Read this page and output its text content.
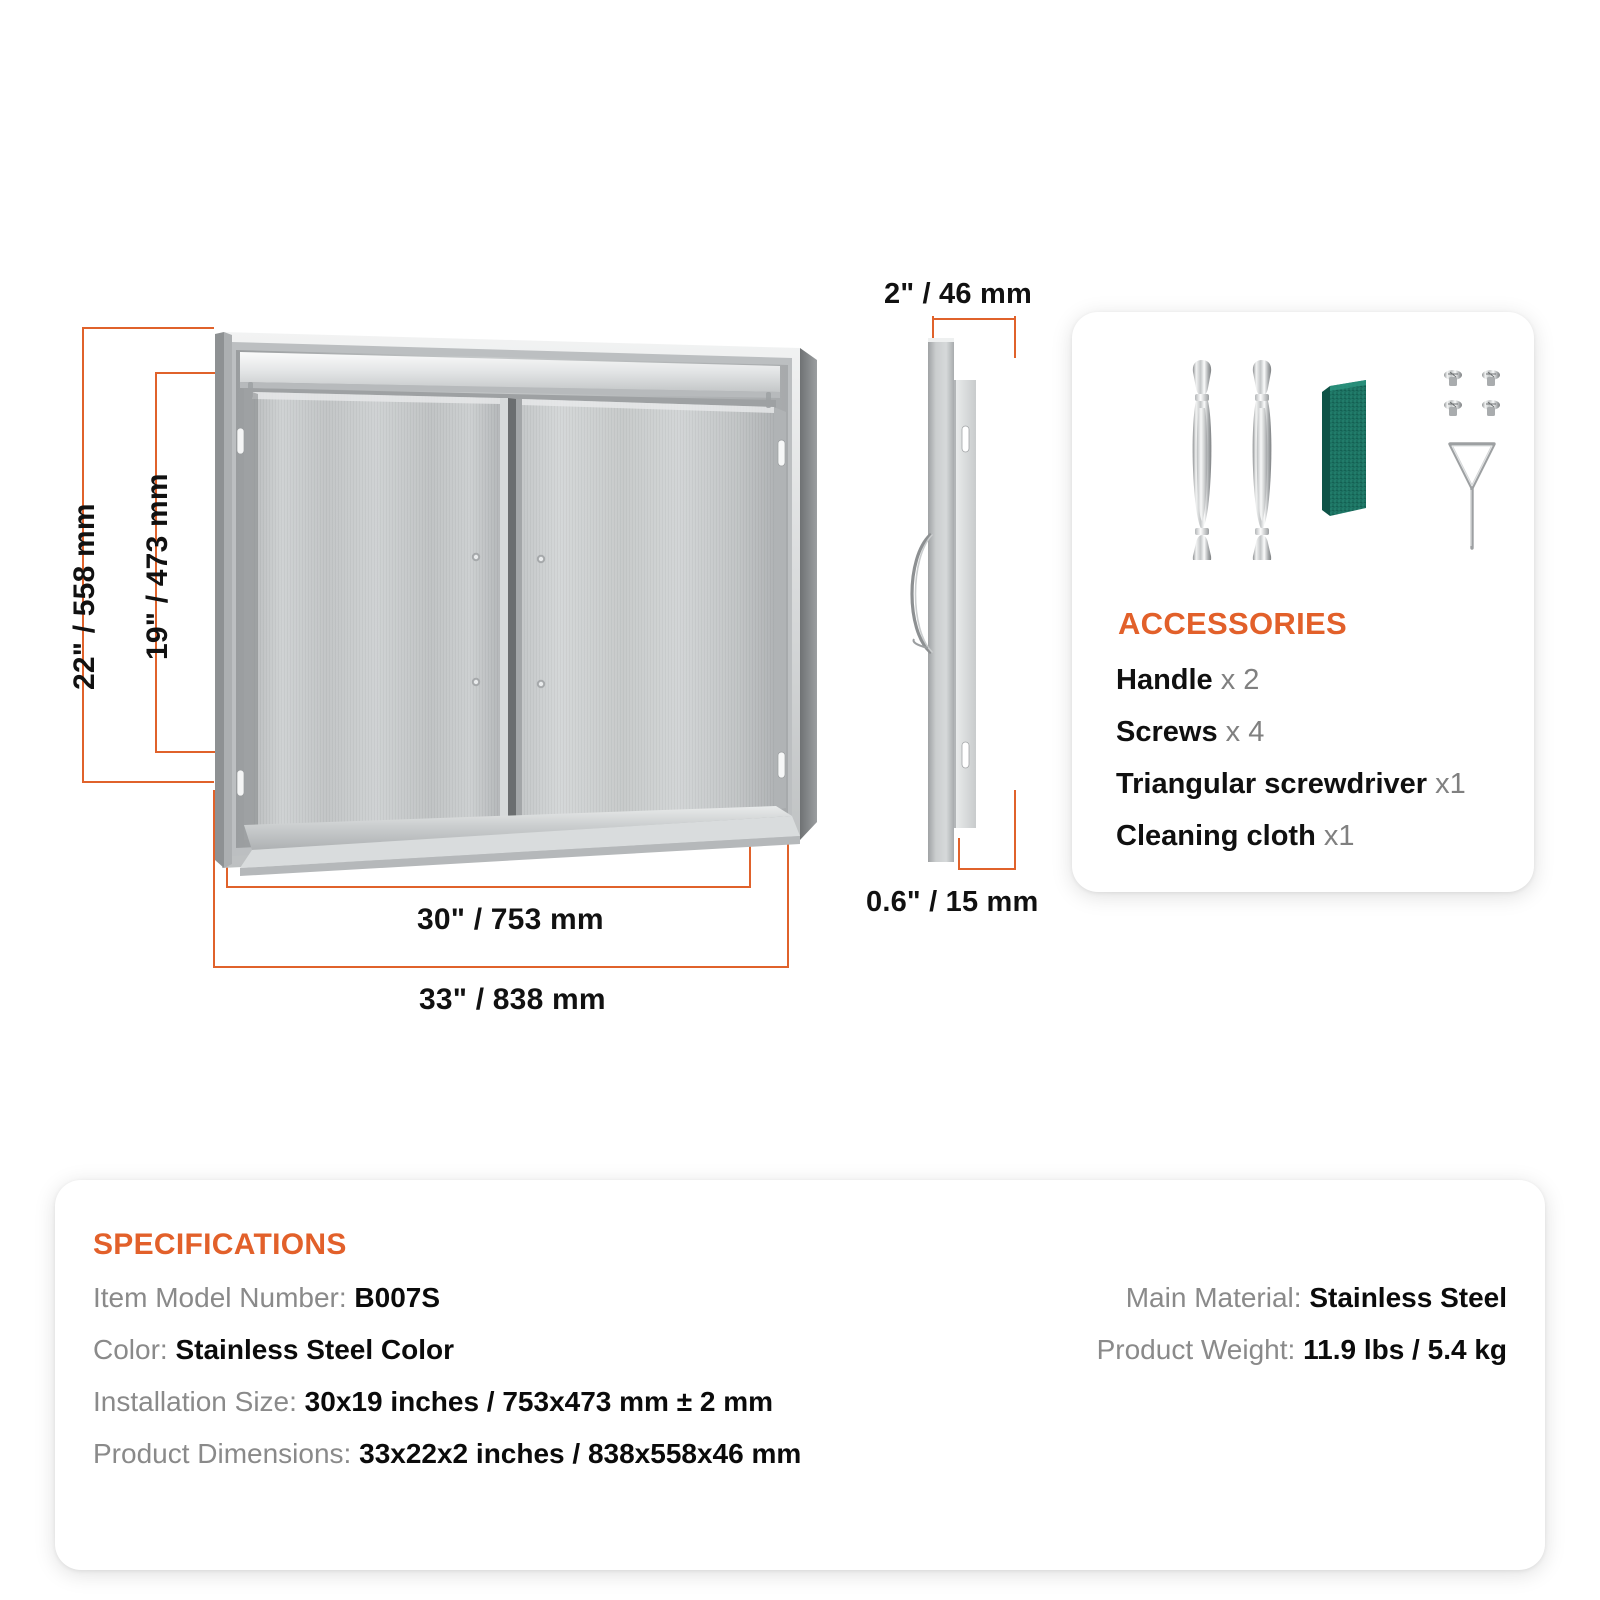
22" / 558 mm 19" / 473 mm
30" / 753 mm
33" / 838 mm
2" / 46 mm
0.6" / 15 mm
ACCESSORIES
Handle x 2
Screws x 4
Triangular screwdriver x1
Cleaning cloth x1
SPECIFICATIONS
Item Model Number: B007S
Color: Stainless Steel Color
Installation Size: 30x19 inches / 753x473 mm ± 2 mm
Product Dimensions: 33x22x2 inches / 838x558x46 mm
Main Material: Stainless Steel
Product Weight: 11.9 lbs / 5.4 kg
